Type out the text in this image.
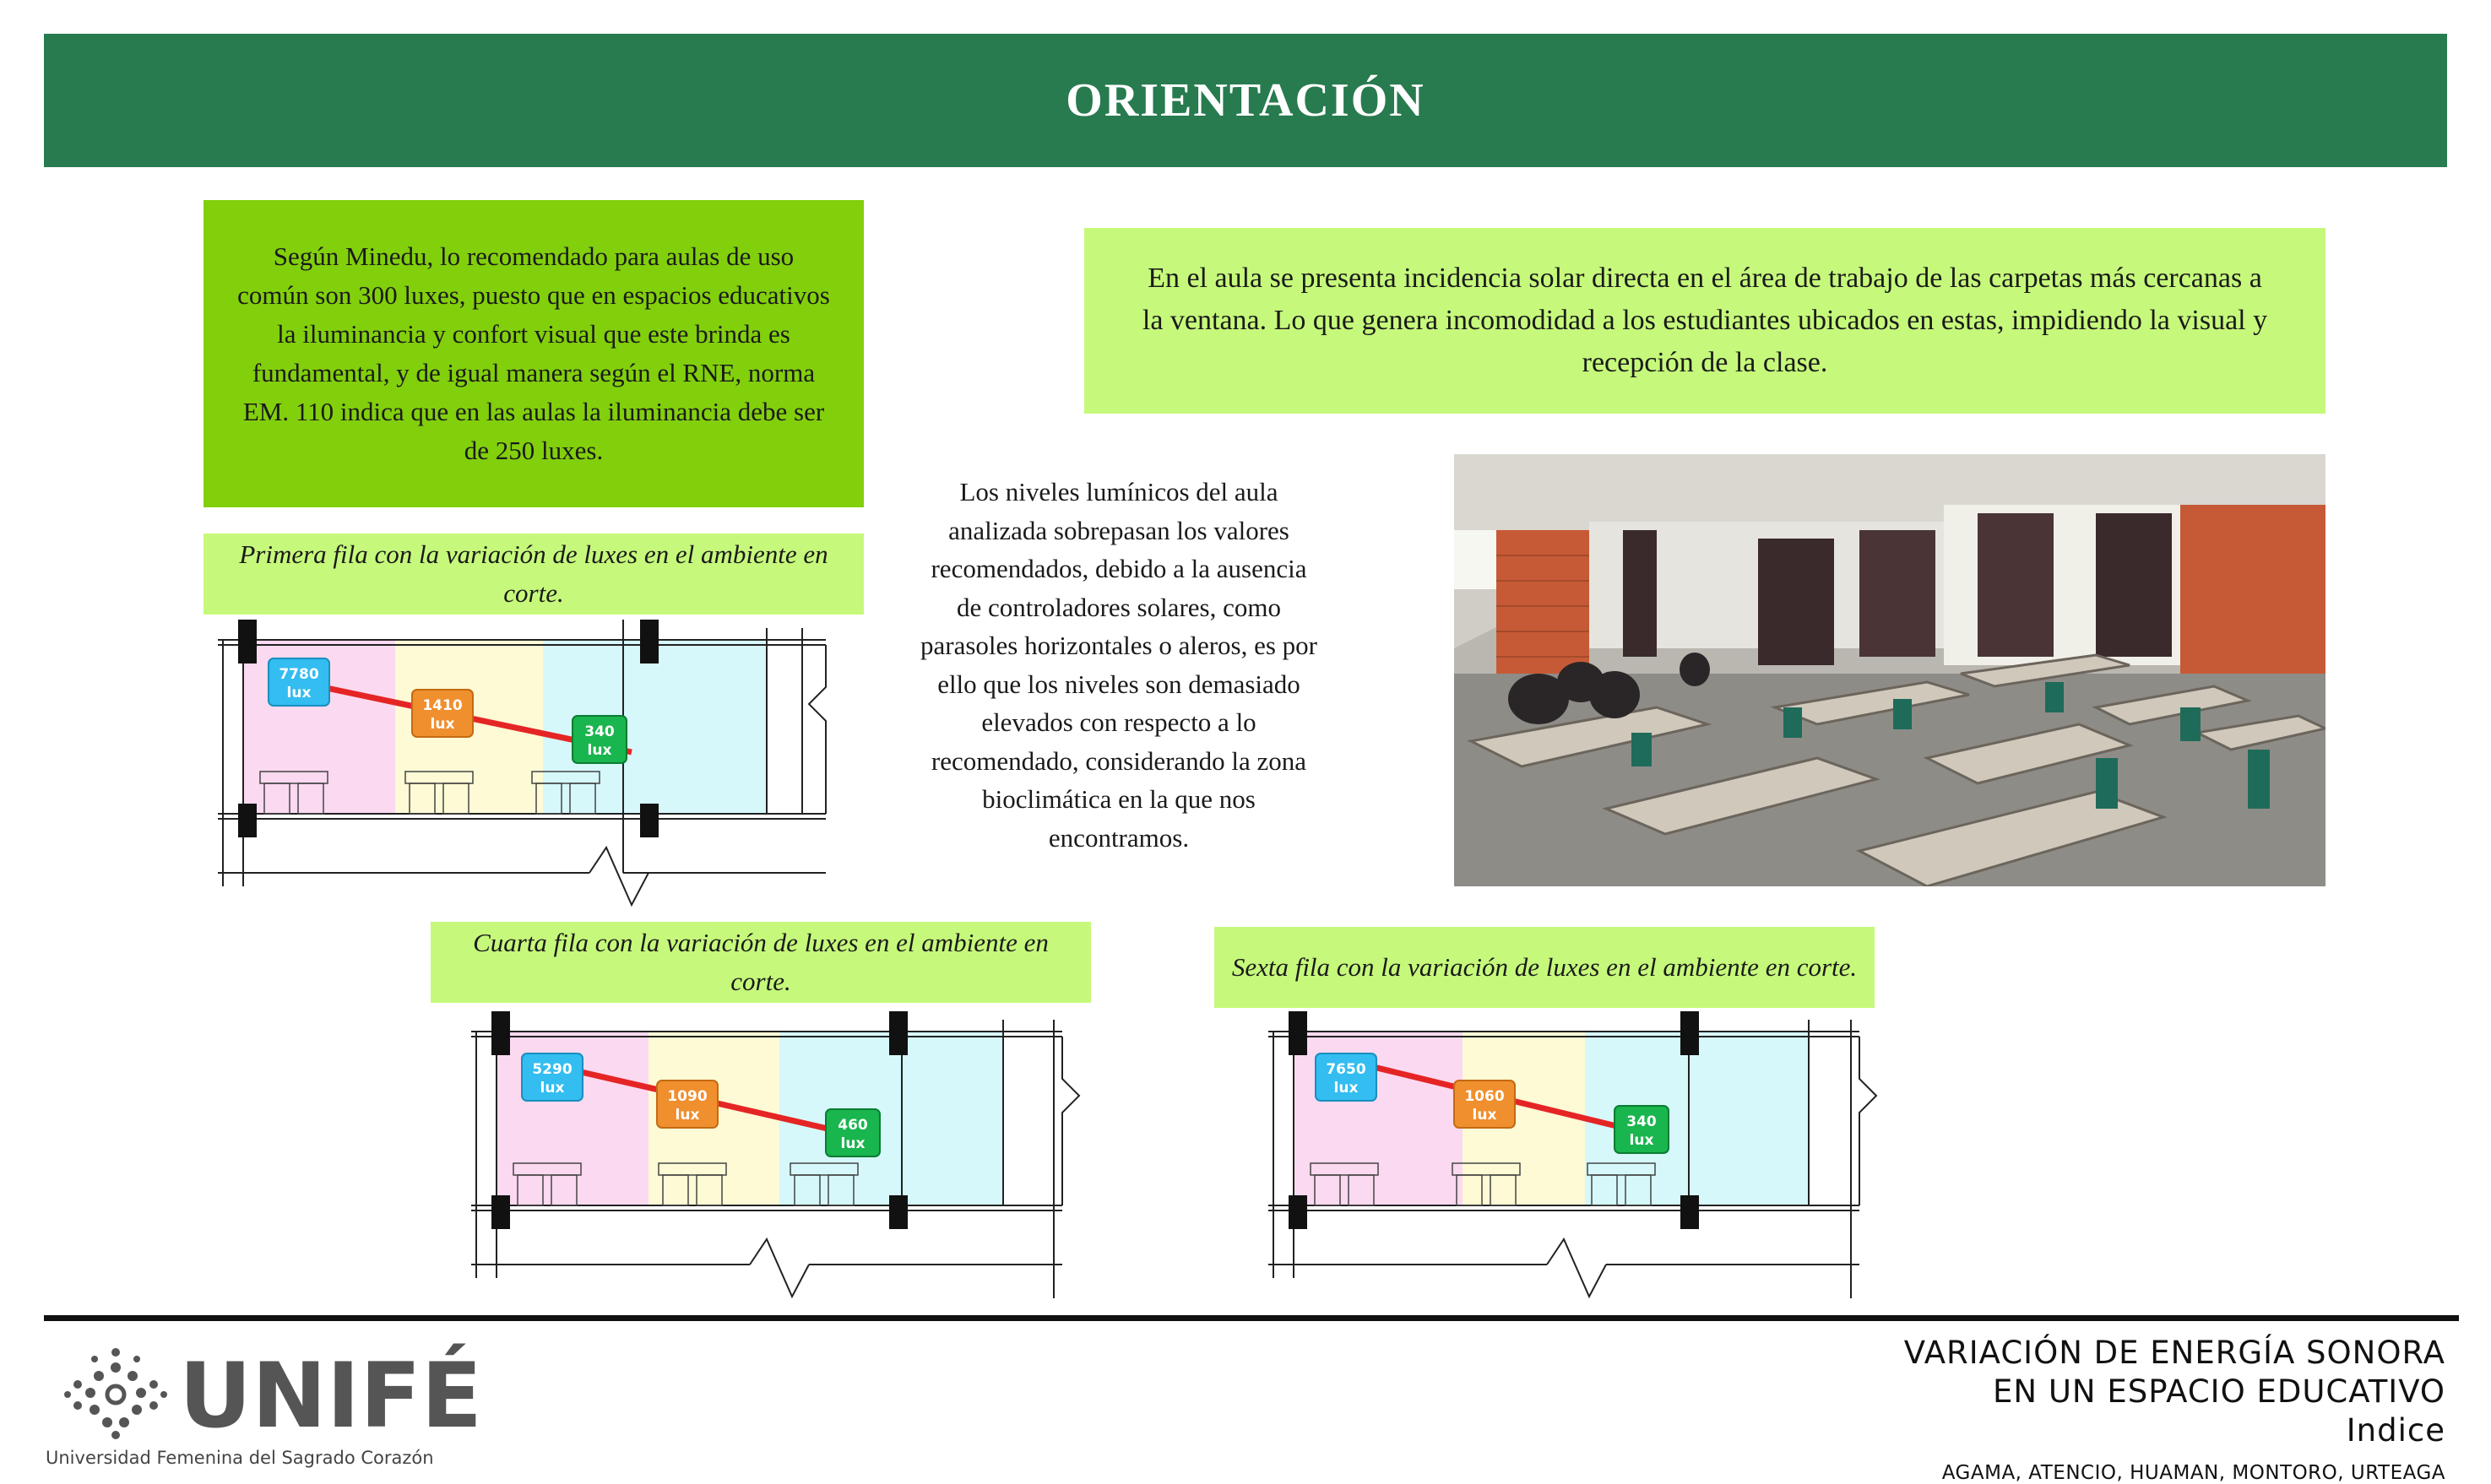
ORIENTACIÓN
Según Minedu, lo recomendado para aulas de uso común son 300 luxes, puesto que en espacios educativos la iluminancia y confort visual que este brinda es fundamental, y de igual manera según el RNE, norma EM. 110 indica que en las aulas la iluminancia debe ser de 250 luxes.
En el aula se presenta incidencia solar directa en el área de trabajo de las carpetas más cercanas a la ventana. Lo que genera incomodidad a los estudiantes ubicados en estas, impidiendo la visual y recepción de la clase.
Los niveles lumínicos del aula analizada sobrepasan los valores recomendados, debido a la ausencia de controladores solares, como parasoles horizontales o aleros, es por ello que los niveles son demasiado elevados con respecto a lo recomendado, considerando la zona bioclimática en la que nos encontramos.
Primera fila con la variación de luxes en el ambiente en corte.
Cuarta fila con la variación de luxes en el ambiente en corte.	Sexta fila con la variación de luxes en el ambiente en corte.
7780
lux
1410
lux	340
lux
5290
lux	1090
lux
460
lux
7650
lux	1060
lux	340
lux
UNIFÉ
Universidad Femenina del Sagrado Corazón
VARIACIÓN DE ENERGÍA SONORA
EN UN ESPACIO EDUCATIVO
Indice
AGAMA, ATENCIO, HUAMAN, MONTORO, URTEAGA
